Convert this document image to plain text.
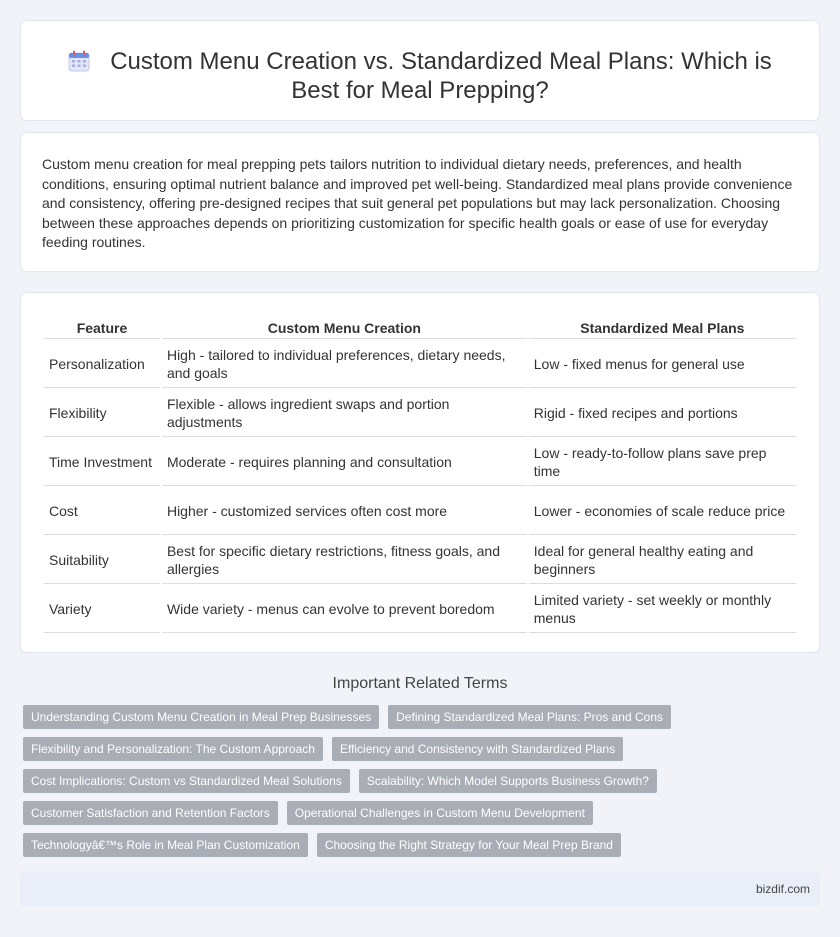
Custom Menu Creation vs. Standardized Meal Plans: Which is Best for Meal Prepping?

Custom menu creation for meal prepping pets tailors nutrition to individual dietary needs, preferences, and health conditions, ensuring optimal nutrient balance and improved pet well-being. Standardized meal plans provide convenience and consistency, offering pre-designed recipes that suit general pet populations but may lack personalization. Choosing between these approaches depends on prioritizing customization for specific health goals or ease of use for everyday feeding routines.

Feature	Custom Menu Creation	Standardized Meal Plans
Personalization	High - tailored to individual preferences, dietary needs, and goals	Low - fixed menus for general use
Flexibility	Flexible - allows ingredient swaps and portion adjustments	Rigid - fixed recipes and portions
Time Investment	Moderate - requires planning and consultation	Low - ready-to-follow plans save prep time
Cost	Higher - customized services often cost more	Lower - economies of scale reduce price
Suitability	Best for specific dietary restrictions, fitness goals, and allergies	Ideal for general healthy eating and beginners
Variety	Wide variety - menus can evolve to prevent boredom	Limited variety - set weekly or monthly menus
Important Related Terms
Understanding Custom Menu Creation in Meal Prep Businesses	Defining Standardized Meal Plans: Pros and Cons
Flexibility and Personalization: The Custom Approach	Efficiency and Consistency with Standardized Plans
Cost Implications: Custom vs Standardized Meal Solutions	Scalability: Which Model Supports Business Growth?
Customer Satisfaction and Retention Factors	Operational Challenges in Custom Menu Development
Technologyâ€™s Role in Meal Plan Customization	Choosing the Right Strategy for Your Meal Prep Brand
bizdif.com
